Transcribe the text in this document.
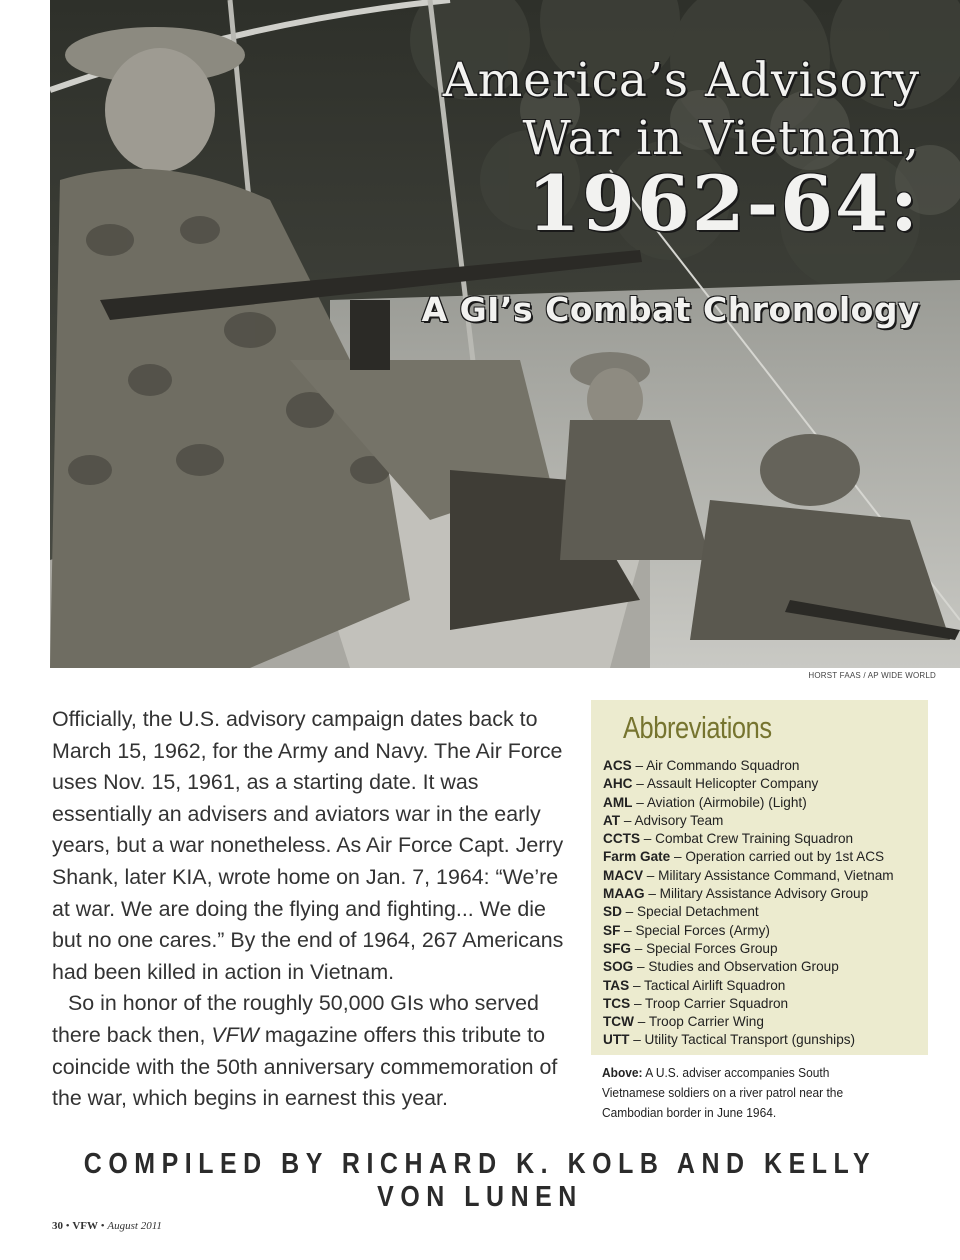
America’s Advisory
War in Vietnam,
1962-64:
A GI’s Combat Chronology
HORST FAAS / AP WIDE WORLD

Officially, the U.S. advisory campaign dates back to March 15, 1962, for the Army and Navy. The Air Force uses Nov. 15, 1961, as a starting date. It was essentially an advisers and aviators war in the early years, but a war nonetheless. As Air Force Capt. Jerry Shank, later KIA, wrote home on Jan. 7, 1964: “We’re at war. We are doing the flying and fighting... We die but no one cares.” By the end of 1964, 267 Americans had been killed in action in Vietnam.

So in honor of the roughly 50,000 GIs who served there back then, VFW magazine offers this tribute to coincide with the 50th anniversary commemoration of the war, which begins in earnest this year.

Abbreviations
ACS – Air Commando Squadron
AHC – Assault Helicopter Company
AML – Aviation (Airmobile) (Light)
AT – Advisory Team
CCTS – Combat Crew Training Squadron
Farm Gate – Operation carried out by 1st ACS
MACV – Military Assistance Command, Vietnam
MAAG – Military Assistance Advisory Group
SD – Special Detachment
SF – Special Forces (Army)
SFG – Special Forces Group
SOG – Studies and Observation Group
TAS – Tactical Airlift Squadron
TCS – Troop Carrier Squadron
TCW – Troop Carrier Wing
UTT – Utility Tactical Transport (gunships)
Above: A U.S. adviser accompanies South Vietnamese soldiers on a river patrol near the Cambodian border in June 1964.
COMPILED BY RICHARD K. KOLB AND KELLY VON LUNEN
30 • VFW • August 2011
